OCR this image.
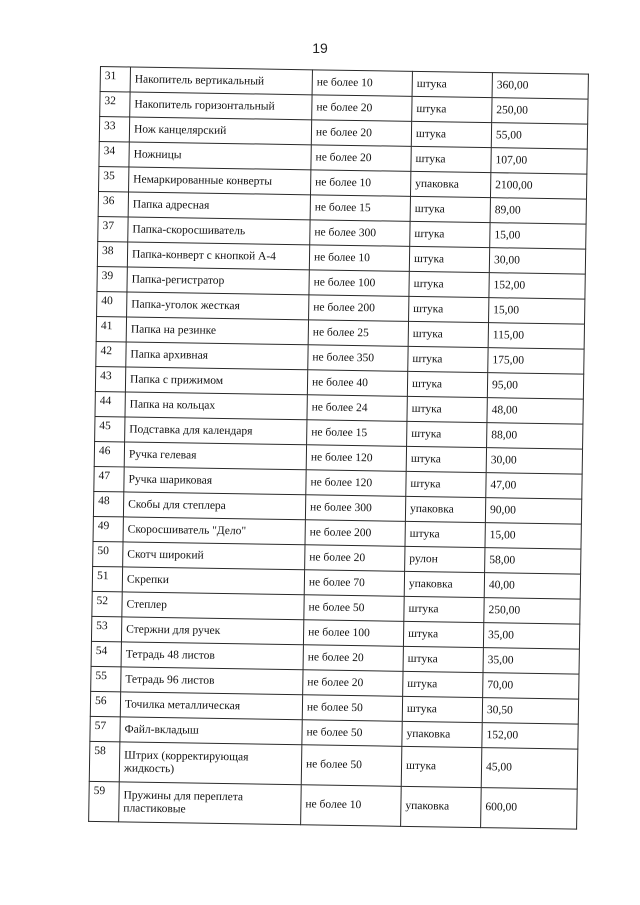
19
31	Накопитель вертикальный	не более 10	штука	360,00
32	Накопитель горизонтальный	не более 20	штука	250,00
33	Нож канцелярский	не более 20	штука	55,00
34	Ножницы	не более 20	штука	107,00
35	Немаркированные конверты	не более 10	упаковка	2100,00
36	Папка адресная	не более 15	штука	89,00
37	Папка-скоросшиватель	не более 300	штука	15,00
38	Папка-конверт с кнопкой А-4	не более 10	штука	30,00
39	Папка-регистратор	не более 100	штука	152,00
40	Папка-уголок жесткая	не более 200	штука	15,00
41	Папка на резинке	не более 25	штука	115,00
42	Папка архивная	не более 350	штука	175,00
43	Папка с прижимом	не более 40	штука	95,00
44	Папка на кольцах	не более 24	штука	48,00
45	Подставка для календаря	не более 15	штука	88,00
46	Ручка гелевая	не более 120	штука	30,00
47	Ручка шариковая	не более 120	штука	47,00
48	Скобы для степлера	не более 300	упаковка	90,00
49	Скоросшиватель "Дело"	не более 200	штука	15,00
50	Скотч широкий	не более 20	рулон	58,00
51	Скрепки	не более 70	упаковка	40,00
52	Степлер	не более 50	штука	250,00
53	Стержни для ручек	не более 100	штука	35,00
54	Тетрадь 48 листов	не более 20	штука	35,00
55	Тетрадь 96 листов	не более 20	штука	70,00
56	Точилка металлическая	не более 50	штука	30,50
57	Файл-вкладыш	не более 50	упаковка	152,00
58	Штрих (корректирующая жидкость)	не более 50	штука	45,00
59	Пружины для переплета пластиковые	не более 10	упаковка	600,00
